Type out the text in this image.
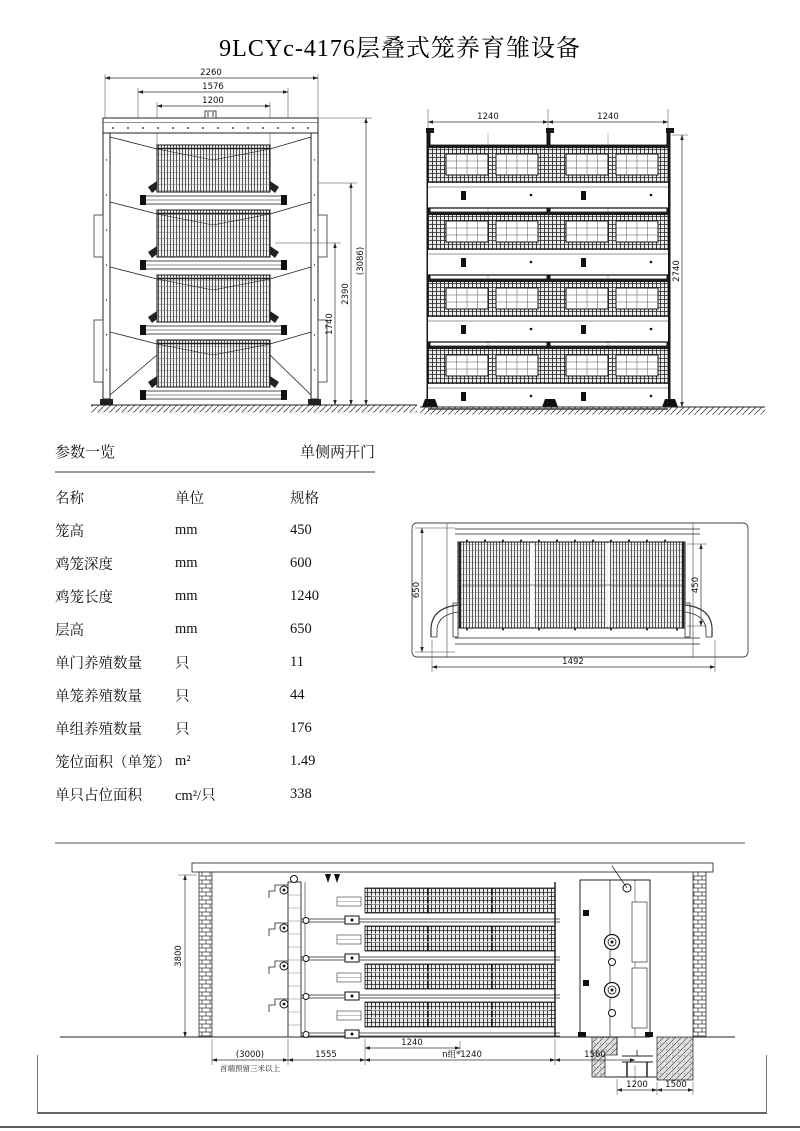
9LCYc-4176层叠式笼养育雏设备
2260
1576
1200
1740
2390
(3086)
1240	1240
2740
参数一览	单侧两开门
名称	单位	规格
笼高	mm	450
鸡笼深度	mm	600
鸡笼长度	mm	1240
层高	mm	650
单门养殖数量	只	11
单笼养殖数量	只	44
单组养殖数量	只	176
笼位面积（单笼） m²	1.49
单只占位面积	cm²/只	338
650	450
1492
3800
(3000)	1555
1240
n组*1240	1560
首端预留三米以上
1200 1500
